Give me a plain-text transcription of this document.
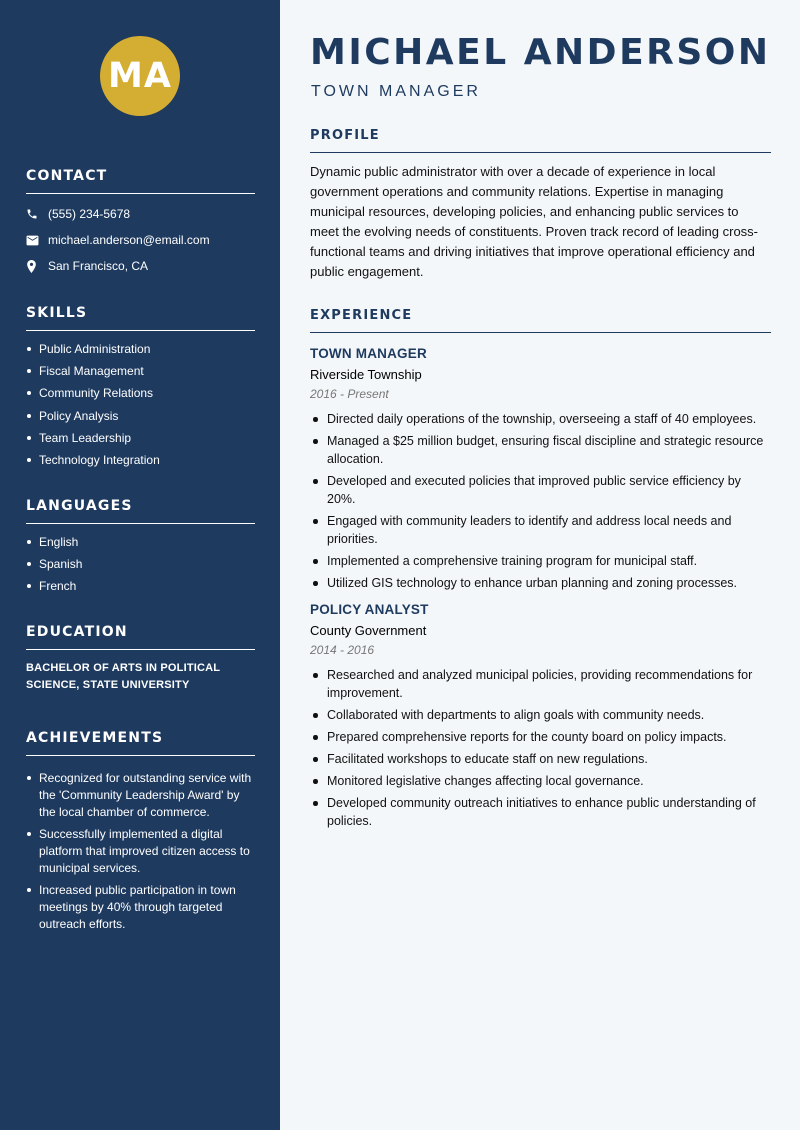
MA
CONTACT
(555) 234-5678
michael.anderson@email.com
San Francisco, CA
SKILLS
Public Administration
Fiscal Management
Community Relations
Policy Analysis
Team Leadership
Technology Integration
LANGUAGES
English
Spanish
French
EDUCATION
BACHELOR OF ARTS IN POLITICAL SCIENCE, STATE UNIVERSITY
ACHIEVEMENTS
Recognized for outstanding service with the 'Community Leadership Award' by the local chamber of commerce.
Successfully implemented a digital platform that improved citizen access to municipal services.
Increased public participation in town meetings by 40% through targeted outreach efforts.
MICHAEL ANDERSON
TOWN MANAGER
PROFILE
Dynamic public administrator with over a decade of experience in local government operations and community relations. Expertise in managing municipal resources, developing policies, and enhancing public services to meet the evolving needs of constituents. Proven track record of leading cross-functional teams and driving initiatives that improve operational efficiency and public engagement.
EXPERIENCE
TOWN MANAGER
Riverside Township
2016 - Present
Directed daily operations of the township, overseeing a staff of 40 employees.
Managed a $25 million budget, ensuring fiscal discipline and strategic resource allocation.
Developed and executed policies that improved public service efficiency by 20%.
Engaged with community leaders to identify and address local needs and priorities.
Implemented a comprehensive training program for municipal staff.
Utilized GIS technology to enhance urban planning and zoning processes.
POLICY ANALYST
County Government
2014 - 2016
Researched and analyzed municipal policies, providing recommendations for improvement.
Collaborated with departments to align goals with community needs.
Prepared comprehensive reports for the county board on policy impacts.
Facilitated workshops to educate staff on new regulations.
Monitored legislative changes affecting local governance.
Developed community outreach initiatives to enhance public understanding of policies.
